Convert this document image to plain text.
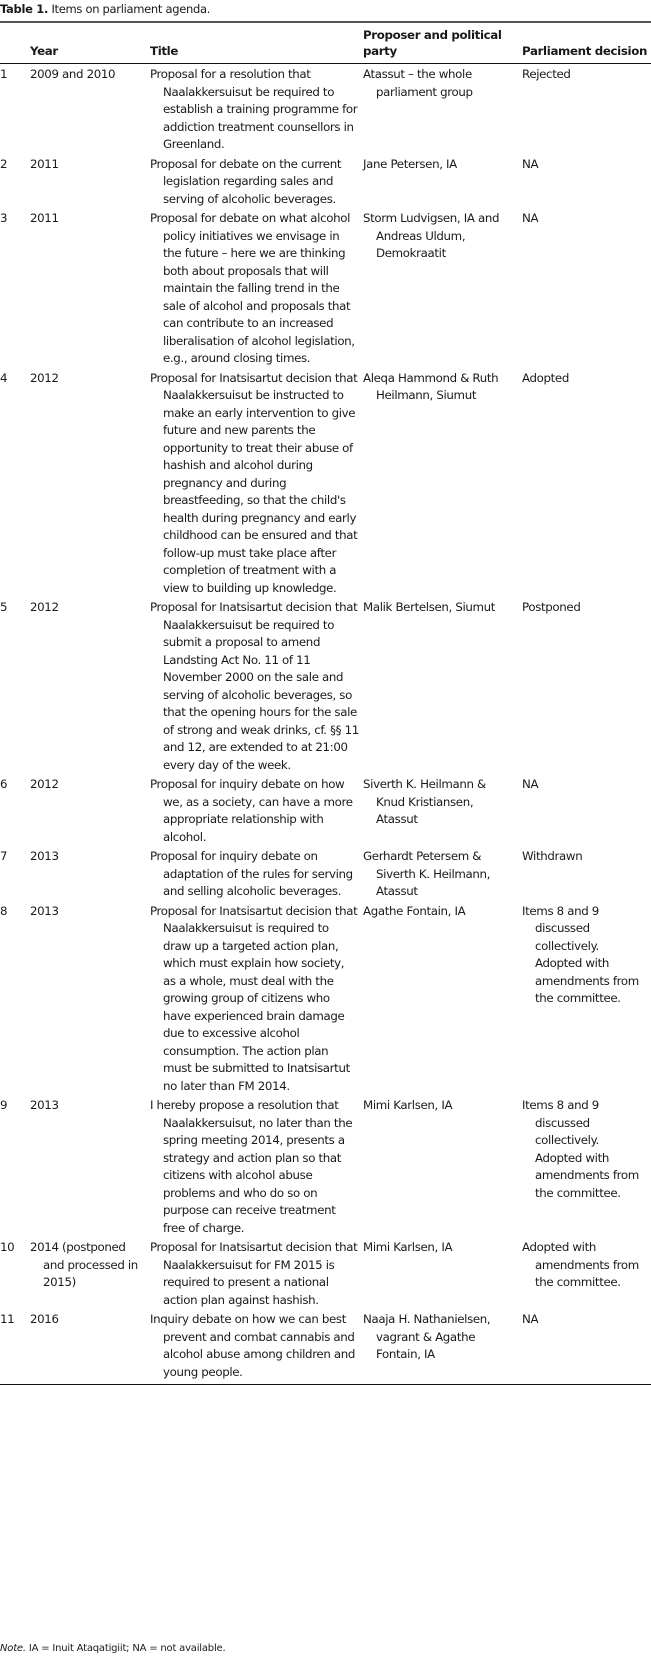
Table 1. Items on parliament agenda.
	Year	Title	Proposer and political party	Parliament decision
1	2009 and 2010	Proposal for a resolution that Naalakkersuisut be required to establish a training programme for addiction treatment counsellors in Greenland.	Atassut – the whole parliament group	Rejected

2	2011	Proposal for debate on the current legislation regarding sales and serving of alcoholic beverages.	Jane Petersen, IA	NA

3	2011	Proposal for debate on what alcohol policy initiatives we envisage in the future – here we are thinking both about proposals that will maintain the falling trend in the sale of alcohol and proposals that can contribute to an increased liberalisation of alcohol legislation, e.g., around closing times.	Storm Ludvigsen, IA and Andreas Uldum, Demokraatit	NA

4	2012	Proposal for Inatsisartut decision that Naalakkersuisut be instructed to make an early intervention to give future and new parents the opportunity to treat their abuse of hashish and alcohol during pregnancy and during breastfeeding, so that the child's health during pregnancy and early childhood can be ensured and that follow-up must take place after completion of treatment with a view to building up knowledge.	Aleqa Hammond & Ruth Heilmann, Siumut	Adopted

5	2012	Proposal for Inatsisartut decision that Naalakkersuisut be required to submit a proposal to amend Landsting Act No. 11 of 11 November 2000 on the sale and serving of alcoholic beverages, so that the opening hours for the sale of strong and weak drinks, cf. §§ 11 and 12, are extended to at 21:00 every day of the week.	Malik Bertelsen, Siumut	Postponed

6	2012	Proposal for inquiry debate on how we, as a society, can have a more appropriate relationship with alcohol.	Siverth K. Heilmann & Knud Kristiansen, Atassut	NA

7	2013	Proposal for inquiry debate on adaptation of the rules for serving and selling alcoholic beverages.	Gerhardt Petersem & Siverth K. Heilmann, Atassut	Withdrawn

8	2013	Proposal for Inatsisartut decision that Naalakkersuisut is required to draw up a targeted action plan, which must explain how society, as a whole, must deal with the growing group of citizens who have experienced brain damage due to excessive alcohol consumption. The action plan must be submitted to Inatsisartut no later than FM 2014.	Agathe Fontain, IA	Items 8 and 9 discussed collectively. Adopted with amendments from the committee.

9	2013	I hereby propose a resolution that Naalakkersuisut, no later than the spring meeting 2014, presents a strategy and action plan so that citizens with alcohol abuse problems and who do so on purpose can receive treatment free of charge.	Mimi Karlsen, IA	Items 8 and 9 discussed collectively. Adopted with amendments from the committee.

10	2014 (postponed and processed in 2015)	Proposal for Inatsisartut decision that Naalakkersuisut for FM 2015 is required to present a national action plan against hashish.	Mimi Karlsen, IA	Adopted with amendments from the committee.

11	2016	Inquiry debate on how we can best prevent and combat cannabis and alcohol abuse among children and young people.	Naaja H. Nathanielsen, vagrant & Agathe Fontain, IA	NA
Note. IA = Inuit Ataqatigiit; NA = not available.
